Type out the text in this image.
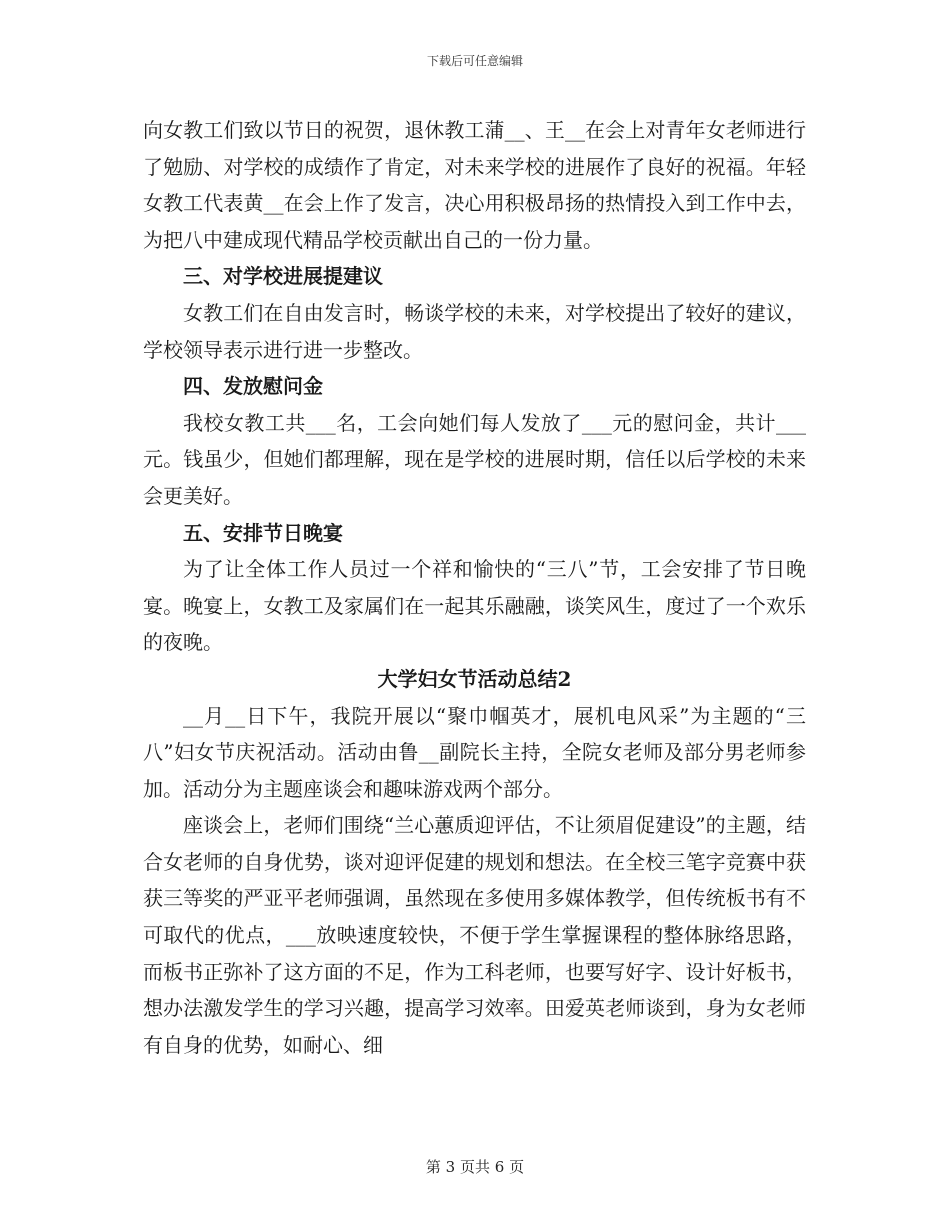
下载后可任意编辑

向女教工们致以节日的祝贺，退休教工蒲__、王__在会上对青年女老师进行了勉励、对学校的成绩作了肯定，对未来学校的进展作了良好的祝福。年轻女教工代表黄__在会上作了发言，决心用积极昂扬的热情投入到工作中去，为把八中建成现代精品学校贡献出自己的一份力量。

三、对学校进展提建议

女教工们在自由发言时，畅谈学校的未来，对学校提出了较好的建议，学校领导表示进行进一步整改。

四、发放慰问金

我校女教工共___名，工会向她们每人发放了___元的慰问金，共计___元。钱虽少，但她们都理解，现在是学校的进展时期，信任以后学校的未来会更美好。

五、安排节日晚宴

为了让全体工作人员过一个祥和愉快的“三八”节，工会安排了节日晚宴。晚宴上，女教工及家属们在一起其乐融融，谈笑风生，度过了一个欢乐的夜晚。

大学妇女节活动总结2

__月__日下午，我院开展以“聚巾帼英才，展机电风采”为主题的“三八”妇女节庆祝活动。活动由鲁__副院长主持，全院女老师及部分男老师参加。活动分为主题座谈会和趣味游戏两个部分。

座谈会上，老师们围绕“兰心蕙质迎评估，不让须眉促建设”的主题，结合女老师的自身优势，谈对迎评促建的规划和想法。在全校三笔字竞赛中获获三等奖的严亚平老师强调，虽然现在多使用多媒体教学，但传统板书有不可取代的优点，___放映速度较快，不便于学生掌握课程的整体脉络思路，而板书正弥补了这方面的不足，作为工科老师，也要写好字、设计好板书，想办法激发学生的学习兴趣，提高学习效率。田爱英老师谈到，身为女老师有自身的优势，如耐心、细

第 3 页共 6 页
